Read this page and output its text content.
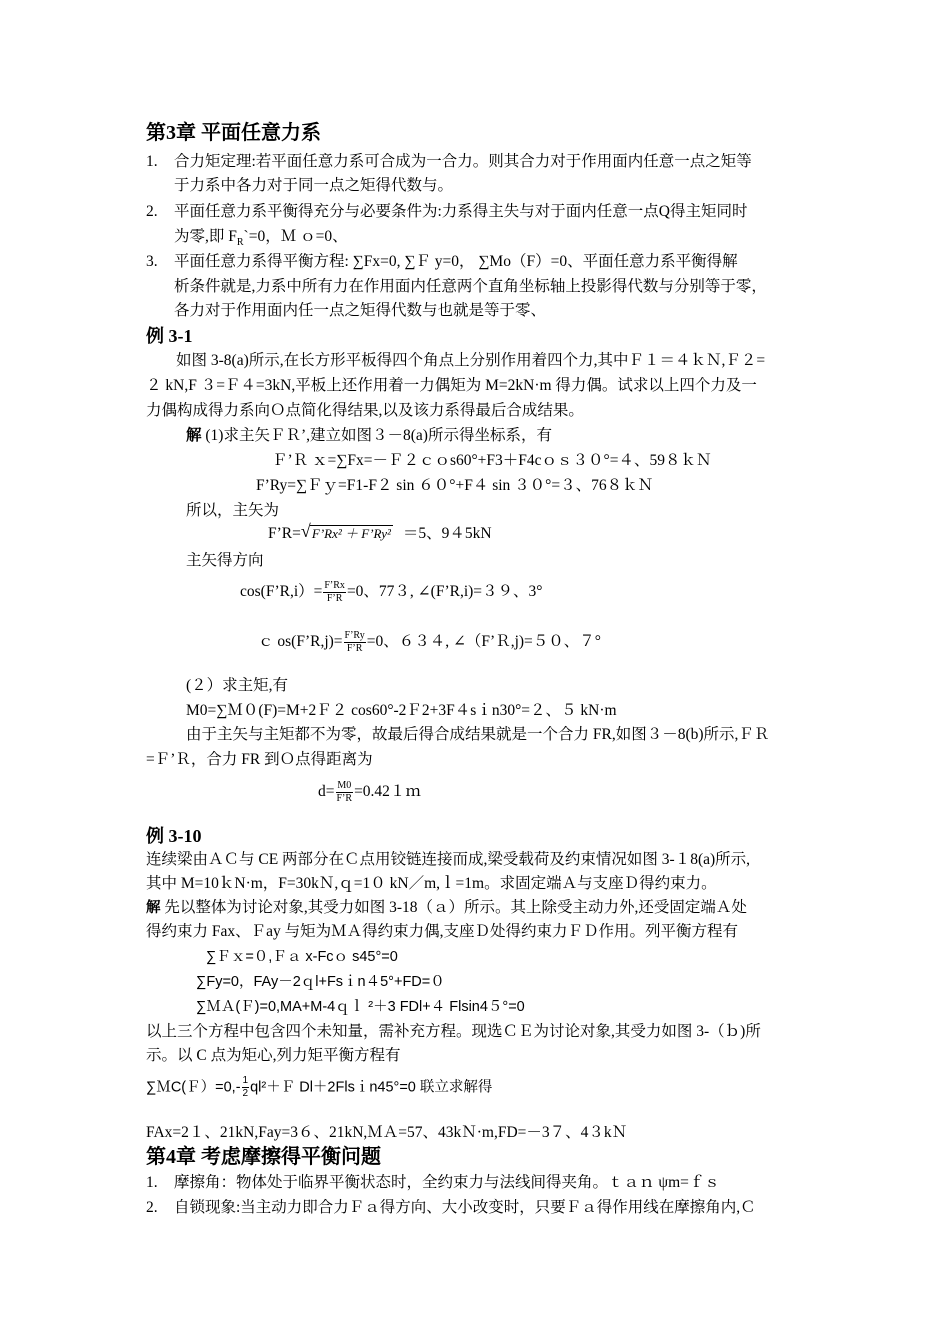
第3章 平面任意力系
1. 合力矩定理:若平面任意力系可合成为一合力。则其合力对于作用面内任意一点之矩等
于力系中各力对于同一点之矩得代数与。
2. 平面任意力系平衡得充分与必要条件为:力系得主失与对于面内任意一点Q得主矩同时
为零,即 $F_R`=0$，Ｍ ｏ=0、
3. 平面任意力系得平衡方程: ∑Fx=0, ∑Ｆ y=0， ∑Mo（F）=0、平面任意力系平衡得解
析条件就是,力系中所有力在作用面内任意两个直角坐标轴上投影得代数与分别等于零，
各力对于作用面内任一点之矩得代数与也就是等于零、
例 3-1
如图 3-8(a)所示,在长方形平板得四个角点上分别作用着四个力,其中Ｆ１＝４ｋＮ,Ｆ２=
２ kN,F ３=Ｆ４=3kN,平板上还作用着一力偶矩为 M=2kN·m 得力偶。试求以上四个力及一
力偶构成得力系向Ｏ点简化得结果,以及该力系得最后合成结果。
解 (1)求主矢ＦＲ’,建立如图３－8(a)所示得坐标系，有
Ｆ’Ｒ ｘ=∑Fx=－Ｆ２ｃｏs60°+F3＋F4cｏｓ３０°=４、59８ｋＮ
F’Ry=∑Ｆｙ=F1-F２ sin ６０°+F４ sin ３０°=３、76８ｋＮ
所以，主矢为
F’R= √ F’Rx² ＋ F’Ry² ＝5、9４5kN
主矢得方向
cos(F’R,i）= $\frac{F’Rx}{F’R} =0$、77３, ∠(F’R,i)=３９、3°
ｃ os(F’R,j)= $\frac{F’Ry}{F’R} =0$、６３４, ∠（F’Ｒ,j)=５０、７°
(２）求主矩,有
M0=∑Ｍ０(F)=M+2Ｆ２ cos60°-2Ｆ2+3F４sｉn30°=２、５ kN·m
由于主矢与主矩都不为零，故最后得合成结果就是一个合力 FR,如图３－8(b)所示,ＦＲ
=Ｆ’Ｒ，合力 FR 到Ｏ点得距离为
$d= \frac{M0}{F’R}$ =0.42１ｍ
例 3-10
连续梁由ＡＣ与 CE 两部分在Ｃ点用铰链连接而成,梁受载荷及约束情况如图 3-１8(a)所示,
其中 M=10ｋN·m，F=30kＮ,ｑ=1０ kN／m,ｌ=1m。求固定端Ａ与支座Ｄ得约束力。
解 先以整体为讨论对象,其受力如图 3-18（ａ）所示。其上除受主动力外,还受固定端Ａ处
得约束力 Fax、Ｆay 与矩为ＭＡ得约束力偶,支座Ｄ处得约束力ＦＤ作用。列平衡方程有
∑Ｆｘ=０,Ｆａ x-Fcｏ s45°=0
∑Fy=0，FAy－2ｑl+Fsｉn４5°+FD=０
∑ＭＡ(Ｆ)=0,MA+M-4ｑｌ ²＋3 FDl+４ Flsin4５°=0
以上三个方程中包含四个未知量，需补充方程。现选ＣＥ为讨论对象,其受力如图 3-（ｂ)所
示。以 C 点为矩心,列力矩平衡方程有
∑ＭC(Ｆ）=0,- $\frac{1}{2}$ ql²＋Ｆ Dl＋2Flsｉn45°=0 联立求解得
FAx=2１、21kN,Fay=3６、21kN,ＭＡ=57、43kＮ·m,FD=－3７、4３kＮ
第4章 考虑摩擦得平衡问题
1. 摩擦角：物体处于临界平衡状态时，全约束力与法线间得夹角。ｔａｎ ψm=ｆｓ
2. 自锁现象:当主动力即合力Ｆａ得方向、大小改变时，只要Ｆａ得作用线在摩擦角内,Ｃ
